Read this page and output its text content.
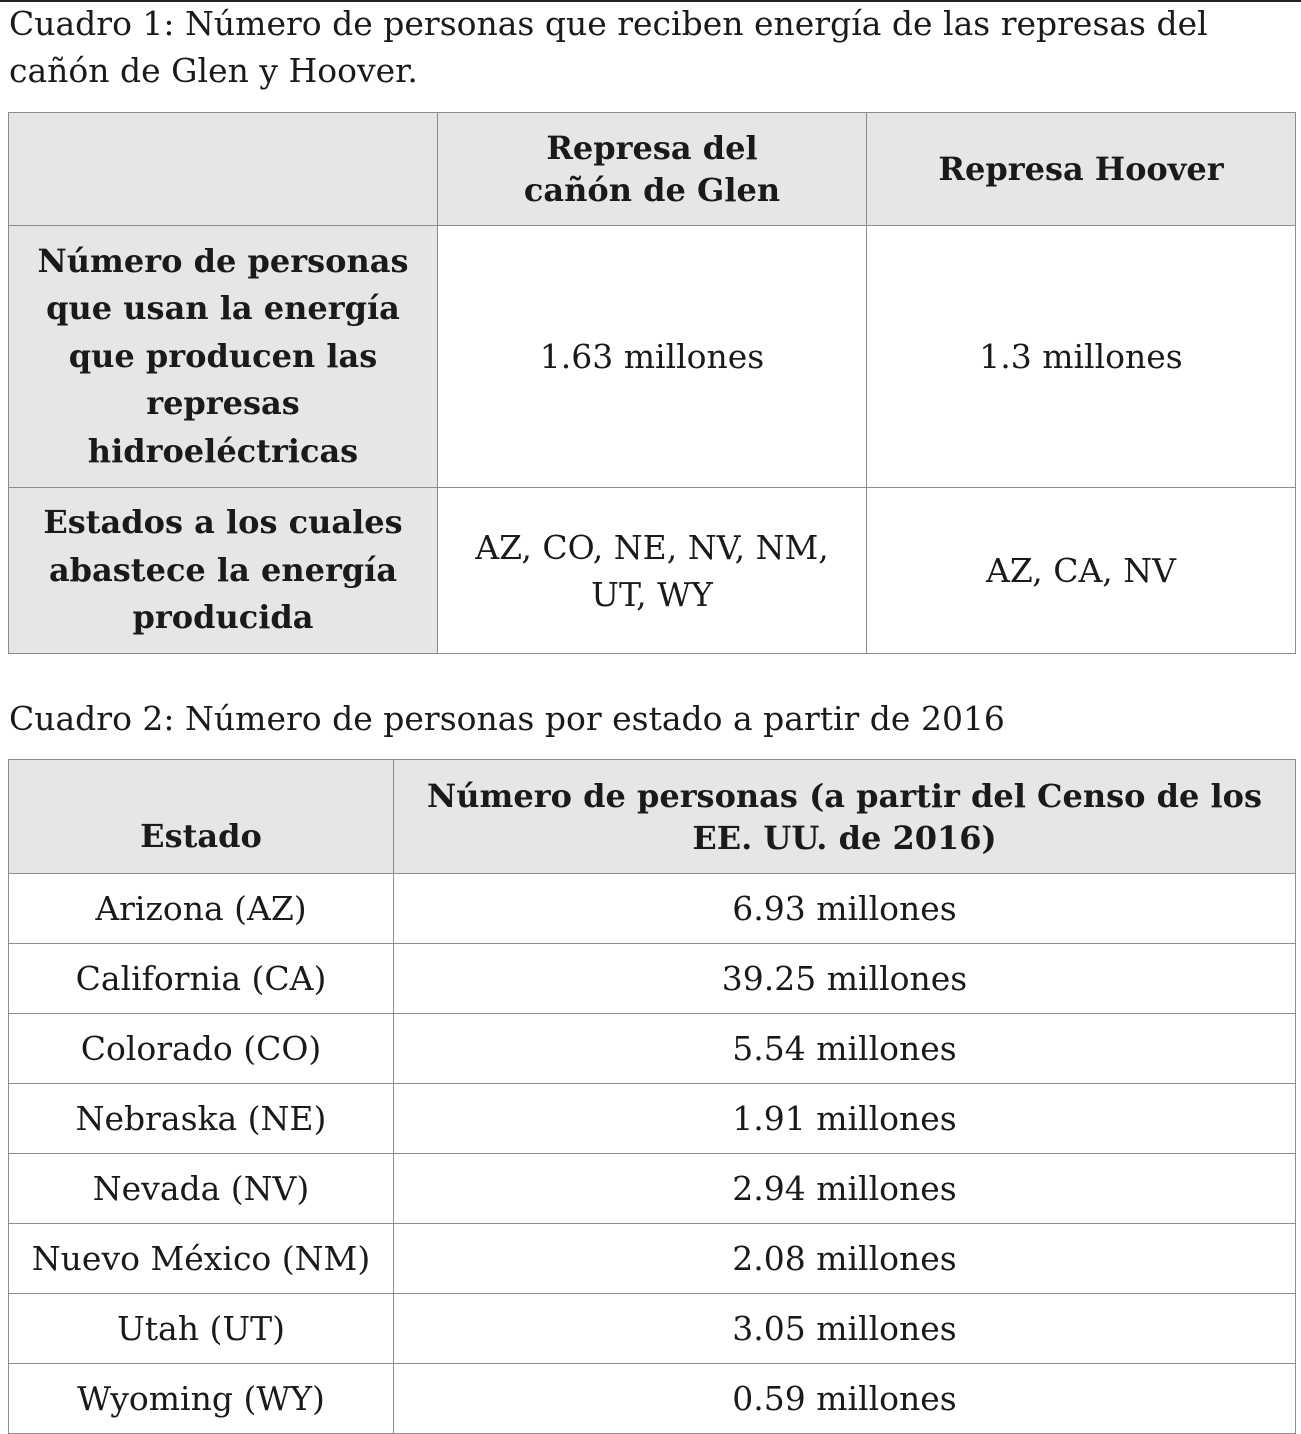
Cuadro 1: Número de personas que reciben energía de las represas del cañón de Glen y Hoover.

	Represa del cañón de Glen	Represa Hoover
Número de personas que usan la energía que producen las represas hidroeléctricas	1.63 millones	1.3 millones
Estados a los cuales abastece la energía producida	AZ, CO, NE, NV, NM, UT, WY	AZ, CA, NV

Cuadro 2: Número de personas por estado a partir de 2016

Estado	Número de personas (a partir del Censo de los EE. UU. de 2016)
Arizona (AZ)	6.93 millones
California (CA)	39.25 millones
Colorado (CO)	5.54 millones
Nebraska (NE)	1.91 millones
Nevada (NV)	2.94 millones
Nuevo México (NM)	2.08 millones
Utah (UT)	3.05 millones
Wyoming (WY)	0.59 millones
